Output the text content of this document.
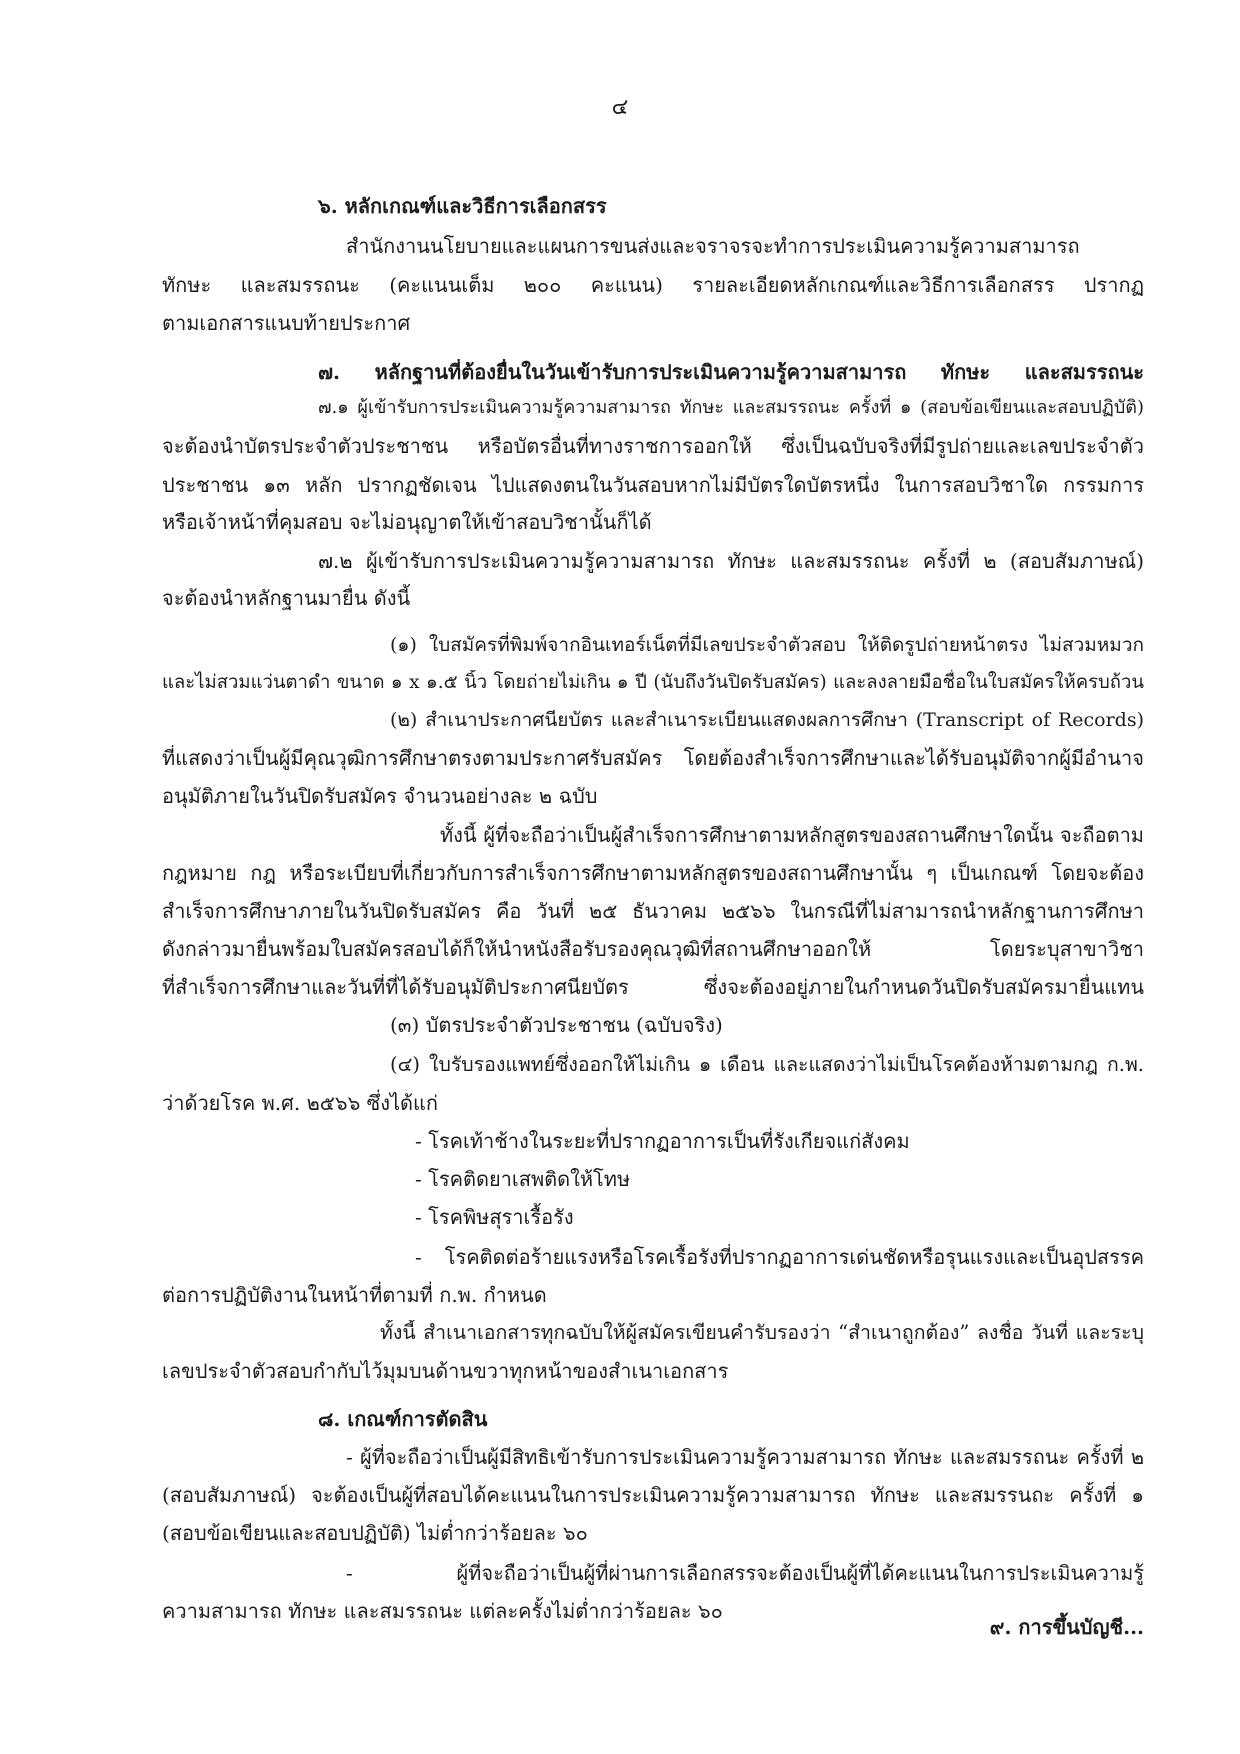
๔

๖. หลักเกณฑ์และวิธีการเลือกสรร

สำนักงานนโยบายและแผนการขนส่งและจราจรจะทำการประเมินความรู้ความสามารถ

ทักษะ และสมรรถนะ (คะแนนเต็ม ๒๐๐ คะแนน) รายละเอียดหลักเกณฑ์และวิธีการเลือกสรร ปรากฏ

ตามเอกสารแนบท้ายประกาศ

๗. หลักฐานที่ต้องยื่นในวันเข้ารับการประเมินความรู้ความสามารถ ทักษะ และสมรรถนะ

๗.๑ ผู้เข้ารับการประเมินความรู้ความสามารถ ทักษะ และสมรรถนะ ครั้งที่ ๑ (สอบข้อเขียนและสอบปฏิบัติ)

จะต้องนำบัตรประจำตัวประชาชน หรือบัตรอื่นที่ทางราชการออกให้ ซึ่งเป็นฉบับจริงที่มีรูปถ่ายและเลขประจำตัว

ประชาชน ๑๓ หลัก ปรากฏชัดเจน ไปแสดงตนในวันสอบหากไม่มีบัตรใดบัตรหนึ่ง ในการสอบวิชาใด กรรมการ

หรือเจ้าหน้าที่คุมสอบ จะไม่อนุญาตให้เข้าสอบวิชานั้นก็ได้

๗.๒ ผู้เข้ารับการประเมินความรู้ความสามารถ ทักษะ และสมรรถนะ ครั้งที่ ๒ (สอบสัมภาษณ์)

จะต้องนำหลักฐานมายื่น ดังนี้

(๑) ใบสมัครที่พิมพ์จากอินเทอร์เน็ตที่มีเลขประจำตัวสอบ ให้ติดรูปถ่ายหน้าตรง ไม่สวมหมวก

และไม่สวมแว่นตาดำ ขนาด ๑ x ๑.๕ นิ้ว โดยถ่ายไม่เกิน ๑ ปี (นับถึงวันปิดรับสมัคร) และลงลายมือชื่อในใบสมัครให้ครบถ้วน

(๒) สำเนาประกาศนียบัตร และสำเนาระเบียนแสดงผลการศึกษา (Transcript of Records)

ที่แสดงว่าเป็นผู้มีคุณวุฒิการศึกษาตรงตามประกาศรับสมัคร โดยต้องสำเร็จการศึกษาและได้รับอนุมัติจากผู้มีอำนาจ

อนุมัติภายในวันปิดรับสมัคร จำนวนอย่างละ ๒ ฉบับ

ทั้งนี้ ผู้ที่จะถือว่าเป็นผู้สำเร็จการศึกษาตามหลักสูตรของสถานศึกษาใดนั้น จะถือตาม

กฎหมาย กฎ หรือระเบียบที่เกี่ยวกับการสำเร็จการศึกษาตามหลักสูตรของสถานศึกษานั้น ๆ เป็นเกณฑ์ โดยจะต้อง

สำเร็จการศึกษาภายในวันปิดรับสมัคร คือ วันที่ ๒๕ ธันวาคม ๒๕๖๖ ในกรณีที่ไม่สามารถนำหลักฐานการศึกษา

ดังกล่าวมายื่นพร้อมใบสมัครสอบได้ก็ให้นำหนังสือรับรองคุณวุฒิที่สถานศึกษาออกให้ โดยระบุสาขาวิชา

ที่สำเร็จการศึกษาและวันที่ที่ได้รับอนุมัติประกาศนียบัตร ซึ่งจะต้องอยู่ภายในกำหนดวันปิดรับสมัครมายื่นแทน

(๓) บัตรประจำตัวประชาชน (ฉบับจริง)

(๔) ใบรับรองแพทย์ซึ่งออกให้ไม่เกิน ๑ เดือน และแสดงว่าไม่เป็นโรคต้องห้ามตามกฎ ก.พ.

ว่าด้วยโรค พ.ศ. ๒๕๖๖ ซึ่งได้แก่

- โรคเท้าช้างในระยะที่ปรากฏอาการเป็นที่รังเกียจแก่สังคม

- โรคติดยาเสพติดให้โทษ

- โรคพิษสุราเรื้อรัง

- โรคติดต่อร้ายแรงหรือโรคเรื้อรังที่ปรากฏอาการเด่นชัดหรือรุนแรงและเป็นอุปสรรค

ต่อการปฏิบัติงานในหน้าที่ตามที่ ก.พ. กำหนด

ทั้งนี้ สำเนาเอกสารทุกฉบับให้ผู้สมัครเขียนคำรับรองว่า “สำเนาถูกต้อง” ลงชื่อ วันที่ และระบุ

เลขประจำตัวสอบกำกับไว้มุมบนด้านขวาทุกหน้าของสำเนาเอกสาร

๘. เกณฑ์การตัดสิน

- ผู้ที่จะถือว่าเป็นผู้มีสิทธิเข้ารับการประเมินความรู้ความสามารถ ทักษะ และสมรรถนะ ครั้งที่ ๒

(สอบสัมภาษณ์) จะต้องเป็นผู้ที่สอบได้คะแนนในการประเมินความรู้ความสามารถ ทักษะ และสมรรนถะ ครั้งที่ ๑

(สอบข้อเขียนและสอบปฏิบัติ) ไม่ต่ำกว่าร้อยละ ๖๐

- ผู้ที่จะถือว่าเป็นผู้ที่ผ่านการเลือกสรรจะต้องเป็นผู้ที่ได้คะแนนในการประเมินความรู้

ความสามารถ ทักษะ และสมรรถนะ แต่ละครั้งไม่ต่ำกว่าร้อยละ ๖๐

๙. การขึ้นบัญชี...
